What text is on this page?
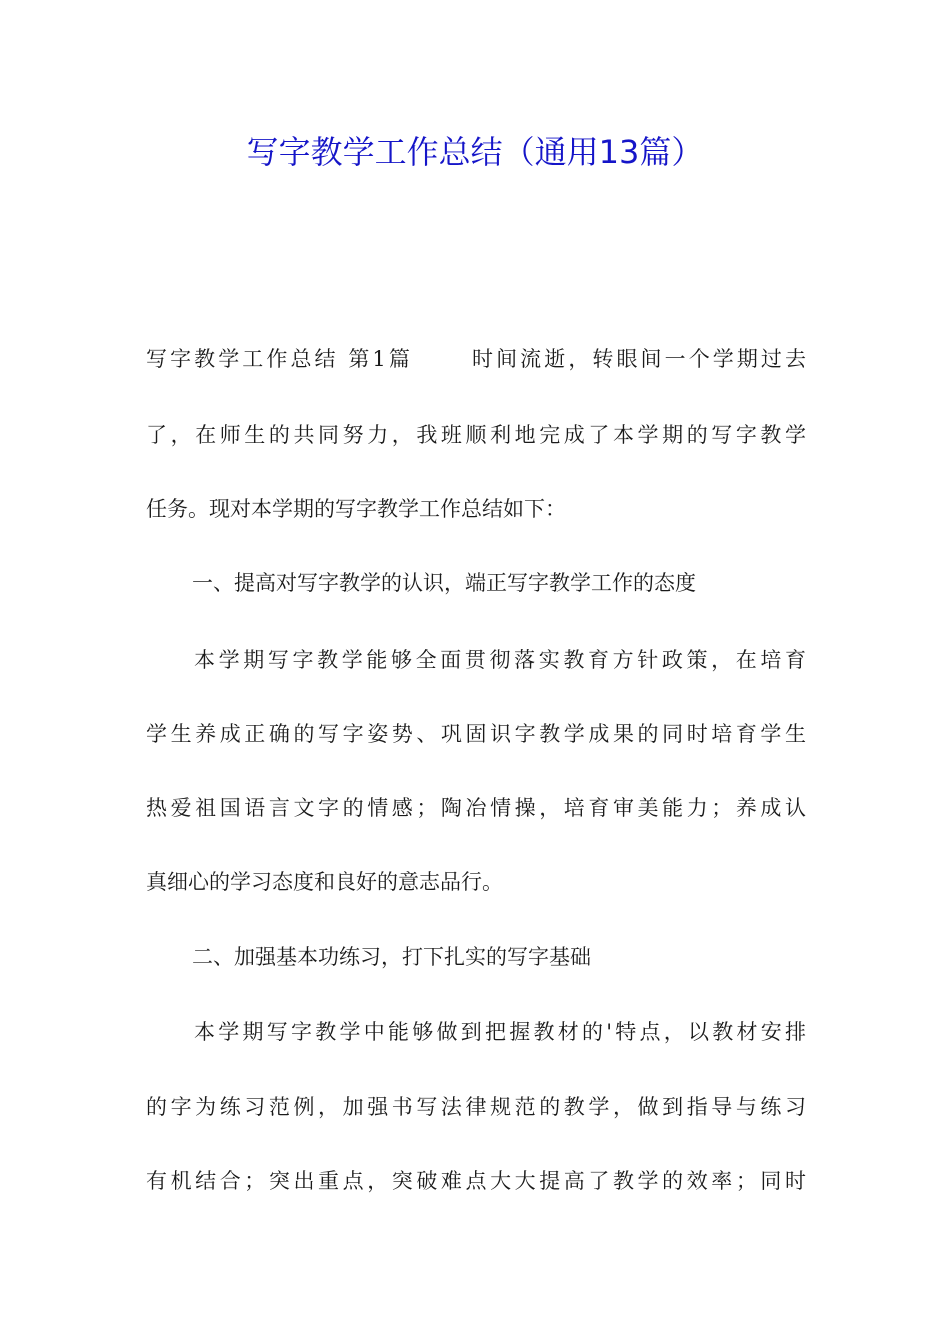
写字教学工作总结（通用13篇）
写字教学工作总结 第1篇	时间流逝，转眼间一个学期过去
了，在师生的共同努力，我班顺利地完成了本学期的写字教学
任务。现对本学期的写字教学工作总结如下：
一、提高对写字教学的认识，端正写字教学工作的态度
本学期写字教学能够全面贯彻落实教育方针政策，在培育
学生养成正确的写字姿势、巩固识字教学成果的同时培育学生
热爱祖国语言文字的情感；陶冶情操，培育审美能力；养成认
真细心的学习态度和良好的意志品行。
二、加强基本功练习，打下扎实的写字基础
本学期写字教学中能够做到把握教材的'特点，以教材安排
的字为练习范例，加强书写法律规范的教学，做到指导与练习
有机结合；突出重点，突破难点大大提高了教学的效率；同时
